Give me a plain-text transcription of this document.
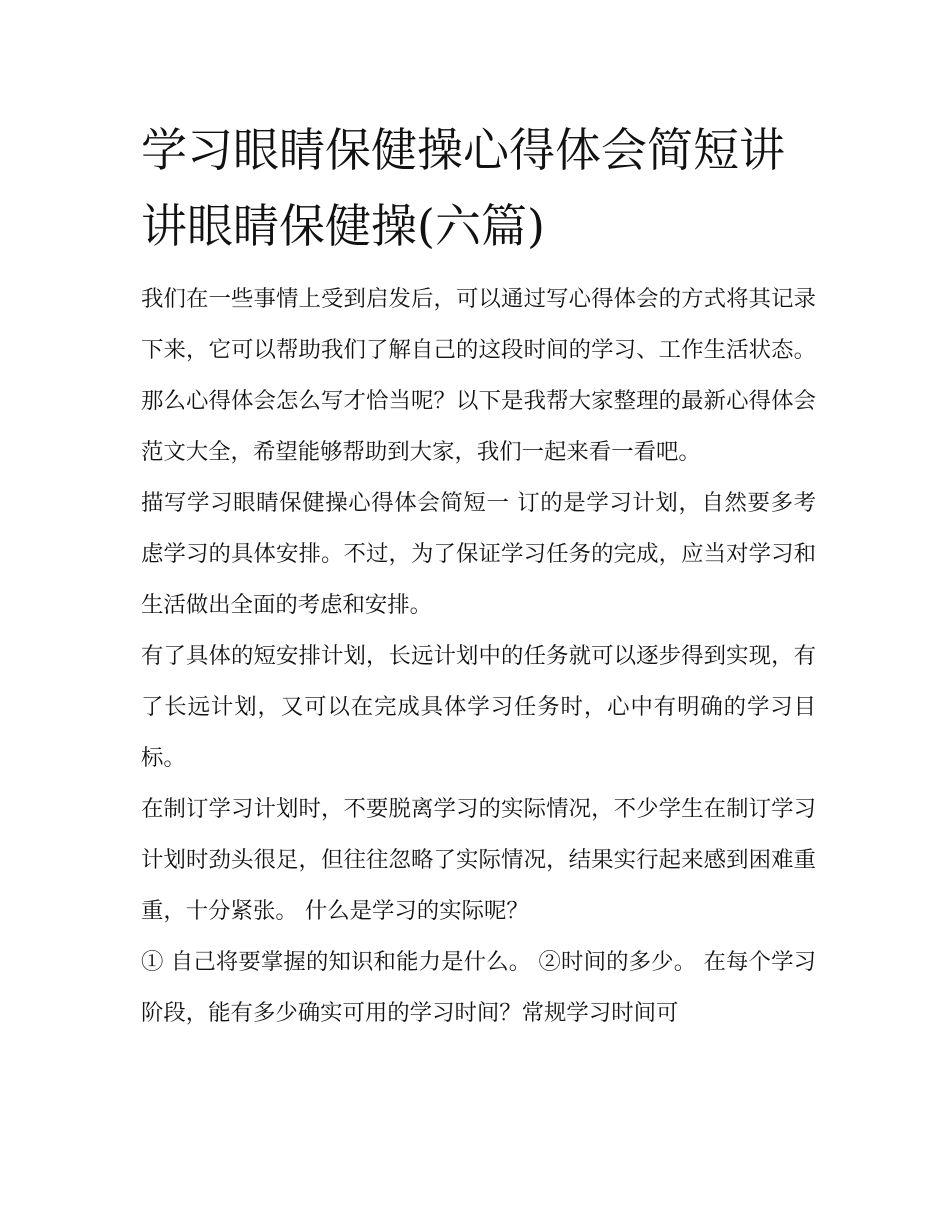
学习眼睛保健操心得体会简短讲讲眼睛保健操(六篇)

我们在一些事情上受到启发后，可以通过写心得体会的方式将其记录下来，它可以帮助我们了解自己的这段时间的学习、工作生活状态。那么心得体会怎么写才恰当呢？以下是我帮大家整理的最新心得体会范文大全，希望能够帮助到大家，我们一起来看一看吧。

描写学习眼睛保健操心得体会简短一 订的是学习计划，自然要多考虑学习的具体安排。不过，为了保证学习任务的完成，应当对学习和生活做出全面的考虑和安排。

有了具体的短安排计划，长远计划中的任务就可以逐步得到实现，有了长远计划，又可以在完成具体学习任务时，心中有明确的学习目标。

在制订学习计划时，不要脱离学习的实际情况，不少学生在制订学习计划时劲头很足，但往往忽略了实际情况，结果实行起来感到困难重重，十分紧张。 什么是学习的实际呢？

① 自己将要掌握的知识和能力是什么。 ②时间的多少。 在每个学习阶段，能有多少确实可用的学习时间？常规学习时间可
